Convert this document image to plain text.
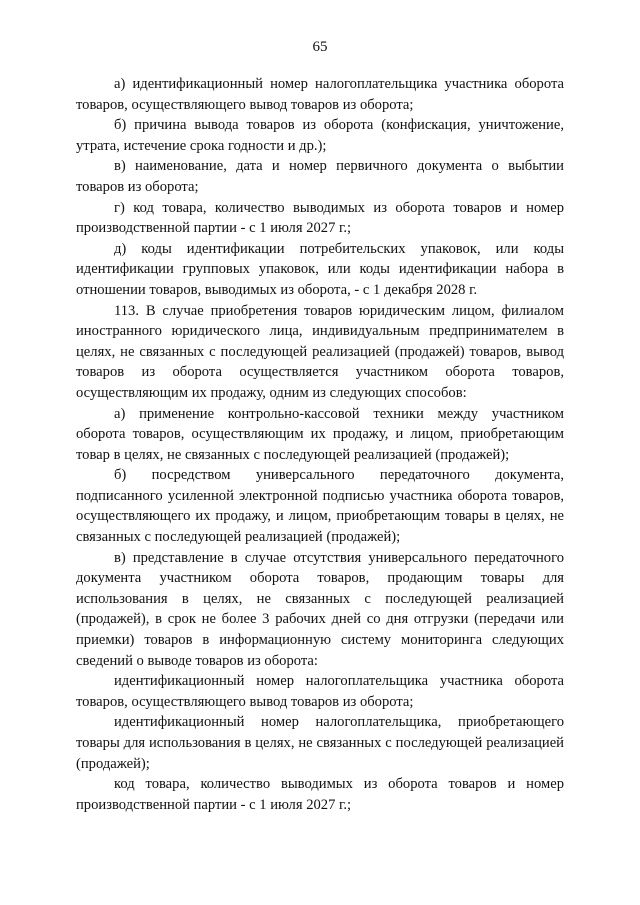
65

а) идентификационный номер налогоплательщика участника оборота товаров, осуществляющего вывод товаров из оборота;

б) причина вывода товаров из оборота (конфискация, уничтожение, утрата, истечение срока годности и др.);

в) наименование, дата и номер первичного документа о выбытии товаров из оборота;

г) код товара, количество выводимых из оборота товаров и номер производственной партии - с 1 июля 2027 г.;

д) коды идентификации потребительских упаковок, или коды идентификации групповых упаковок, или коды идентификации набора в отношении товаров, выводимых из оборота, - с 1 декабря 2028 г.

113. В случае приобретения товаров юридическим лицом, филиалом иностранного юридического лица, индивидуальным предпринимателем в целях, не связанных с последующей реализацией (продажей) товаров, вывод товаров из оборота осуществляется участником оборота товаров, осуществляющим их продажу, одним из следующих способов:

а) применение контрольно-кассовой техники между участником оборота товаров, осуществляющим их продажу, и лицом, приобретающим товар в целях, не связанных с последующей реализацией (продажей);

б) посредством универсального передаточного документа, подписанного усиленной электронной подписью участника оборота товаров, осуществляющего их продажу, и лицом, приобретающим товары в целях, не связанных с последующей реализацией (продажей);

в) представление в случае отсутствия универсального передаточного документа участником оборота товаров, продающим товары для использования в целях, не связанных с последующей реализацией (продажей), в срок не более 3 рабочих дней со дня отгрузки (передачи или приемки) товаров в информационную систему мониторинга следующих сведений о выводе товаров из оборота:

идентификационный номер налогоплательщика участника оборота товаров, осуществляющего вывод товаров из оборота;

идентификационный номер налогоплательщика, приобретающего товары для использования в целях, не связанных с последующей реализацией (продажей);

код товара, количество выводимых из оборота товаров и номер производственной партии - с 1 июля 2027 г.;
